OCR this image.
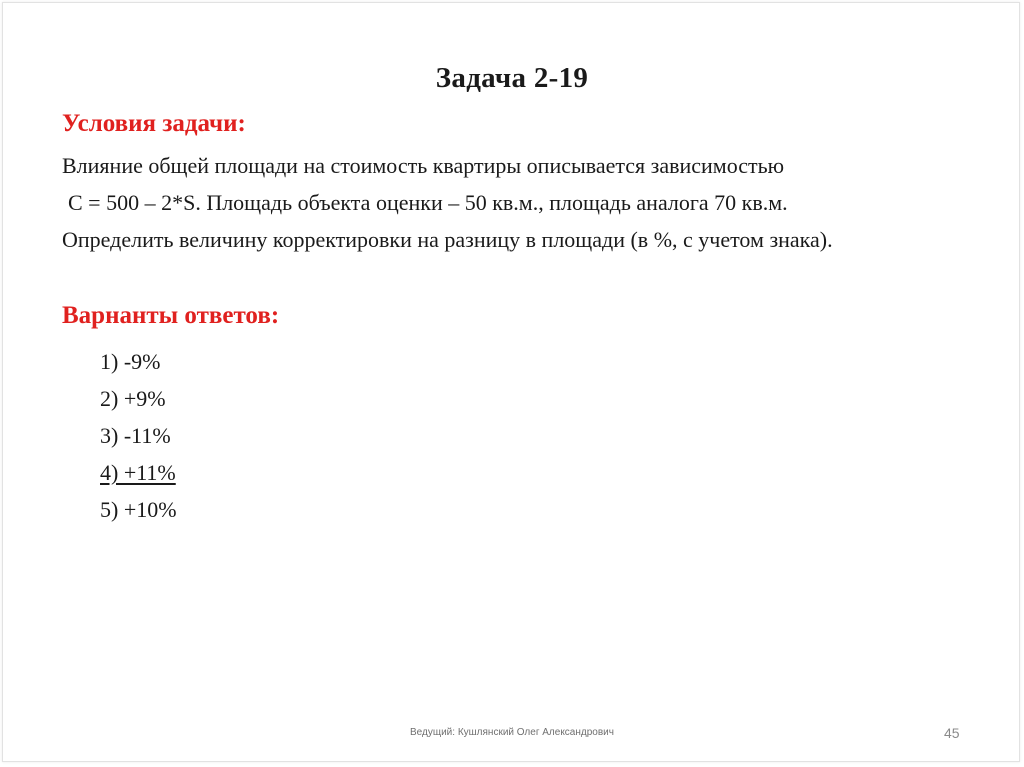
Задача 2-19
Условия задачи:
Влияние общей площади на стоимость квартиры описывается зависимостью
C = 500 – 2*S. Площадь объекта оценки – 50 кв.м., площадь аналога 70 кв.м.
Определить величину корректировки на разницу в площади (в %, с учетом знака).
Варнанты ответов:
1) -9%
2) +9%
3) -11%
4) +11%
5) +10%
Ведущий: Кушлянский Олег Александрович	45
